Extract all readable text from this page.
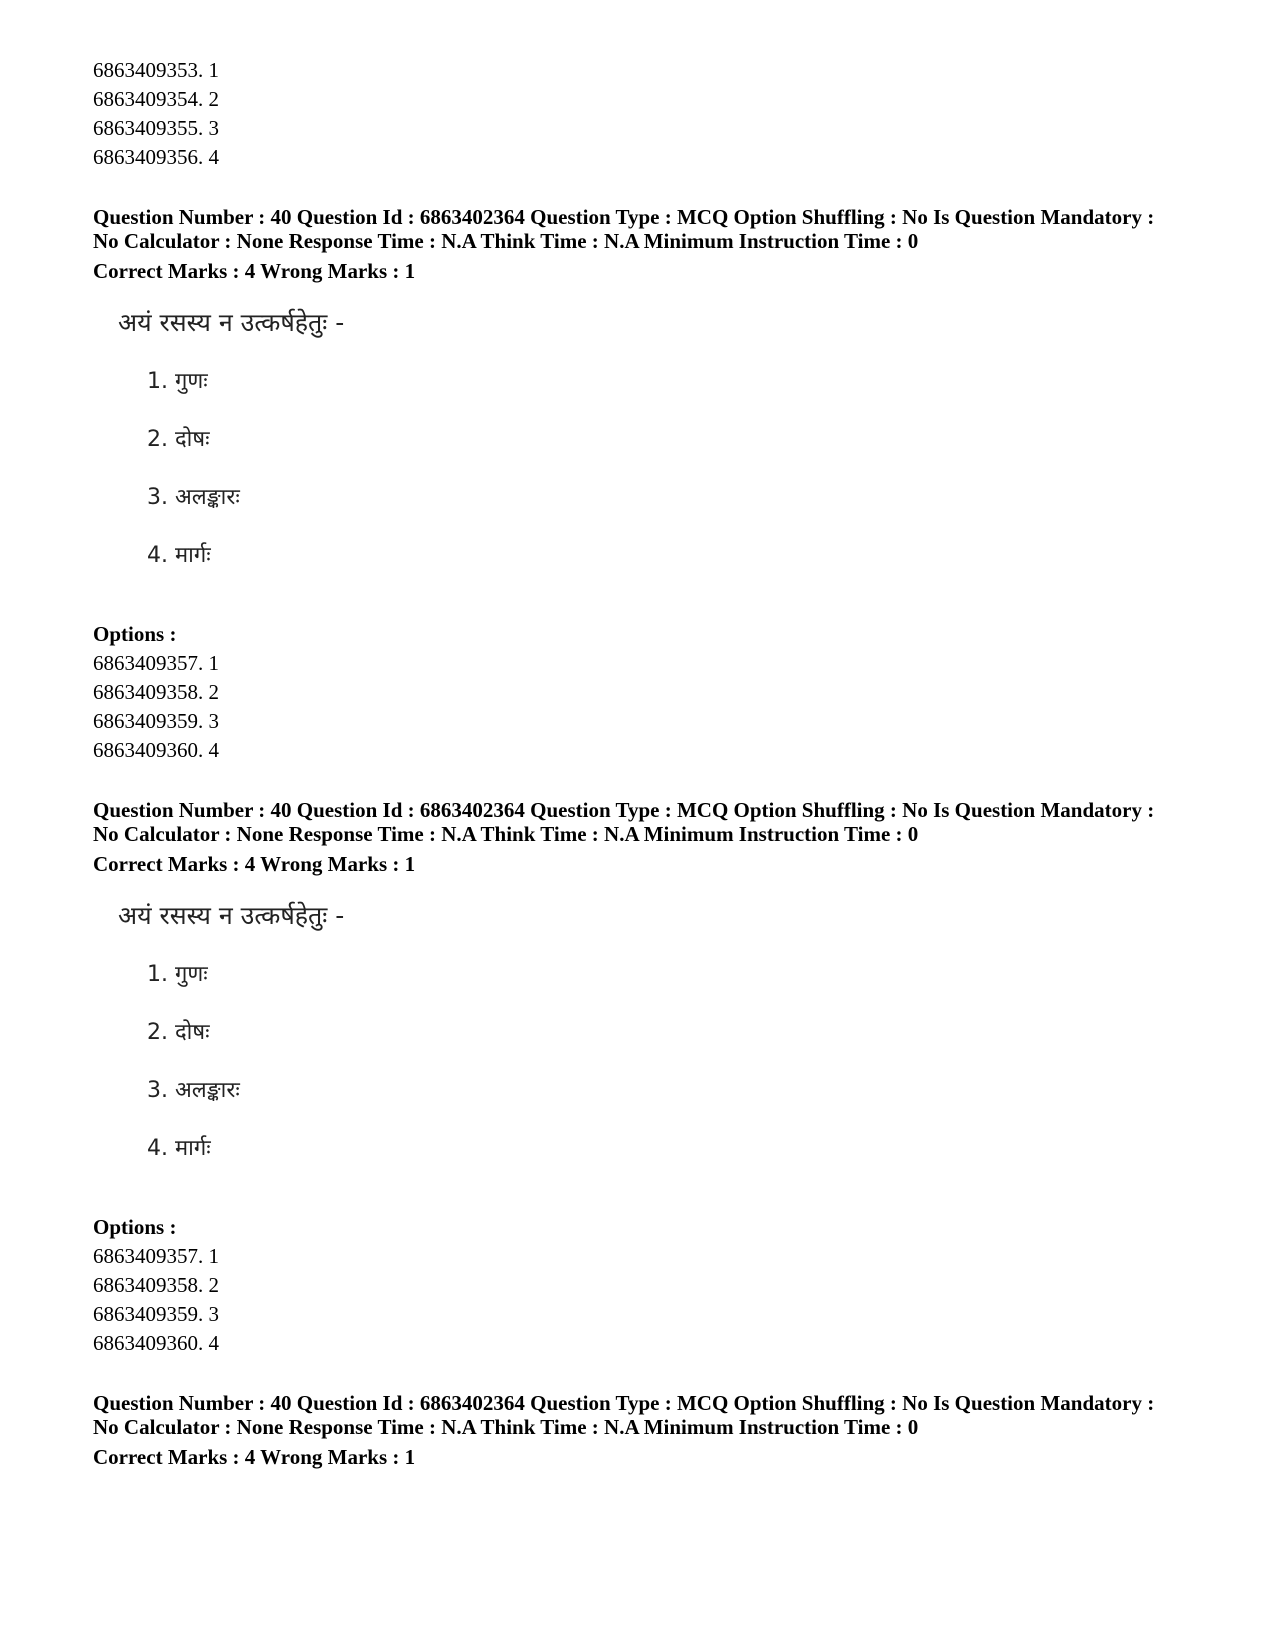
6863409353. 1
6863409354. 2
6863409355. 3
6863409356. 4
Question Number : 40 Question Id : 6863402364 Question Type : MCQ Option Shuffling : No Is Question Mandatory :
No Calculator : None Response Time : N.A Think Time : N.A Minimum Instruction Time : 0
Correct Marks : 4 Wrong Marks : 1
अयं रसस्य न उत्कर्षहेतुः -
1. गुणः
2. दोषः
3. अलङ्कारः
4. मार्गः
Options :
6863409357. 1
6863409358. 2
6863409359. 3
6863409360. 4
Question Number : 40 Question Id : 6863402364 Question Type : MCQ Option Shuffling : No Is Question Mandatory :
No Calculator : None Response Time : N.A Think Time : N.A Minimum Instruction Time : 0
Correct Marks : 4 Wrong Marks : 1
अयं रसस्य न उत्कर्षहेतुः -
1. गुणः
2. दोषः
3. अलङ्कारः
4. मार्गः
Options :
6863409357. 1
6863409358. 2
6863409359. 3
6863409360. 4
Question Number : 40 Question Id : 6863402364 Question Type : MCQ Option Shuffling : No Is Question Mandatory :
No Calculator : None Response Time : N.A Think Time : N.A Minimum Instruction Time : 0
Correct Marks : 4 Wrong Marks : 1
